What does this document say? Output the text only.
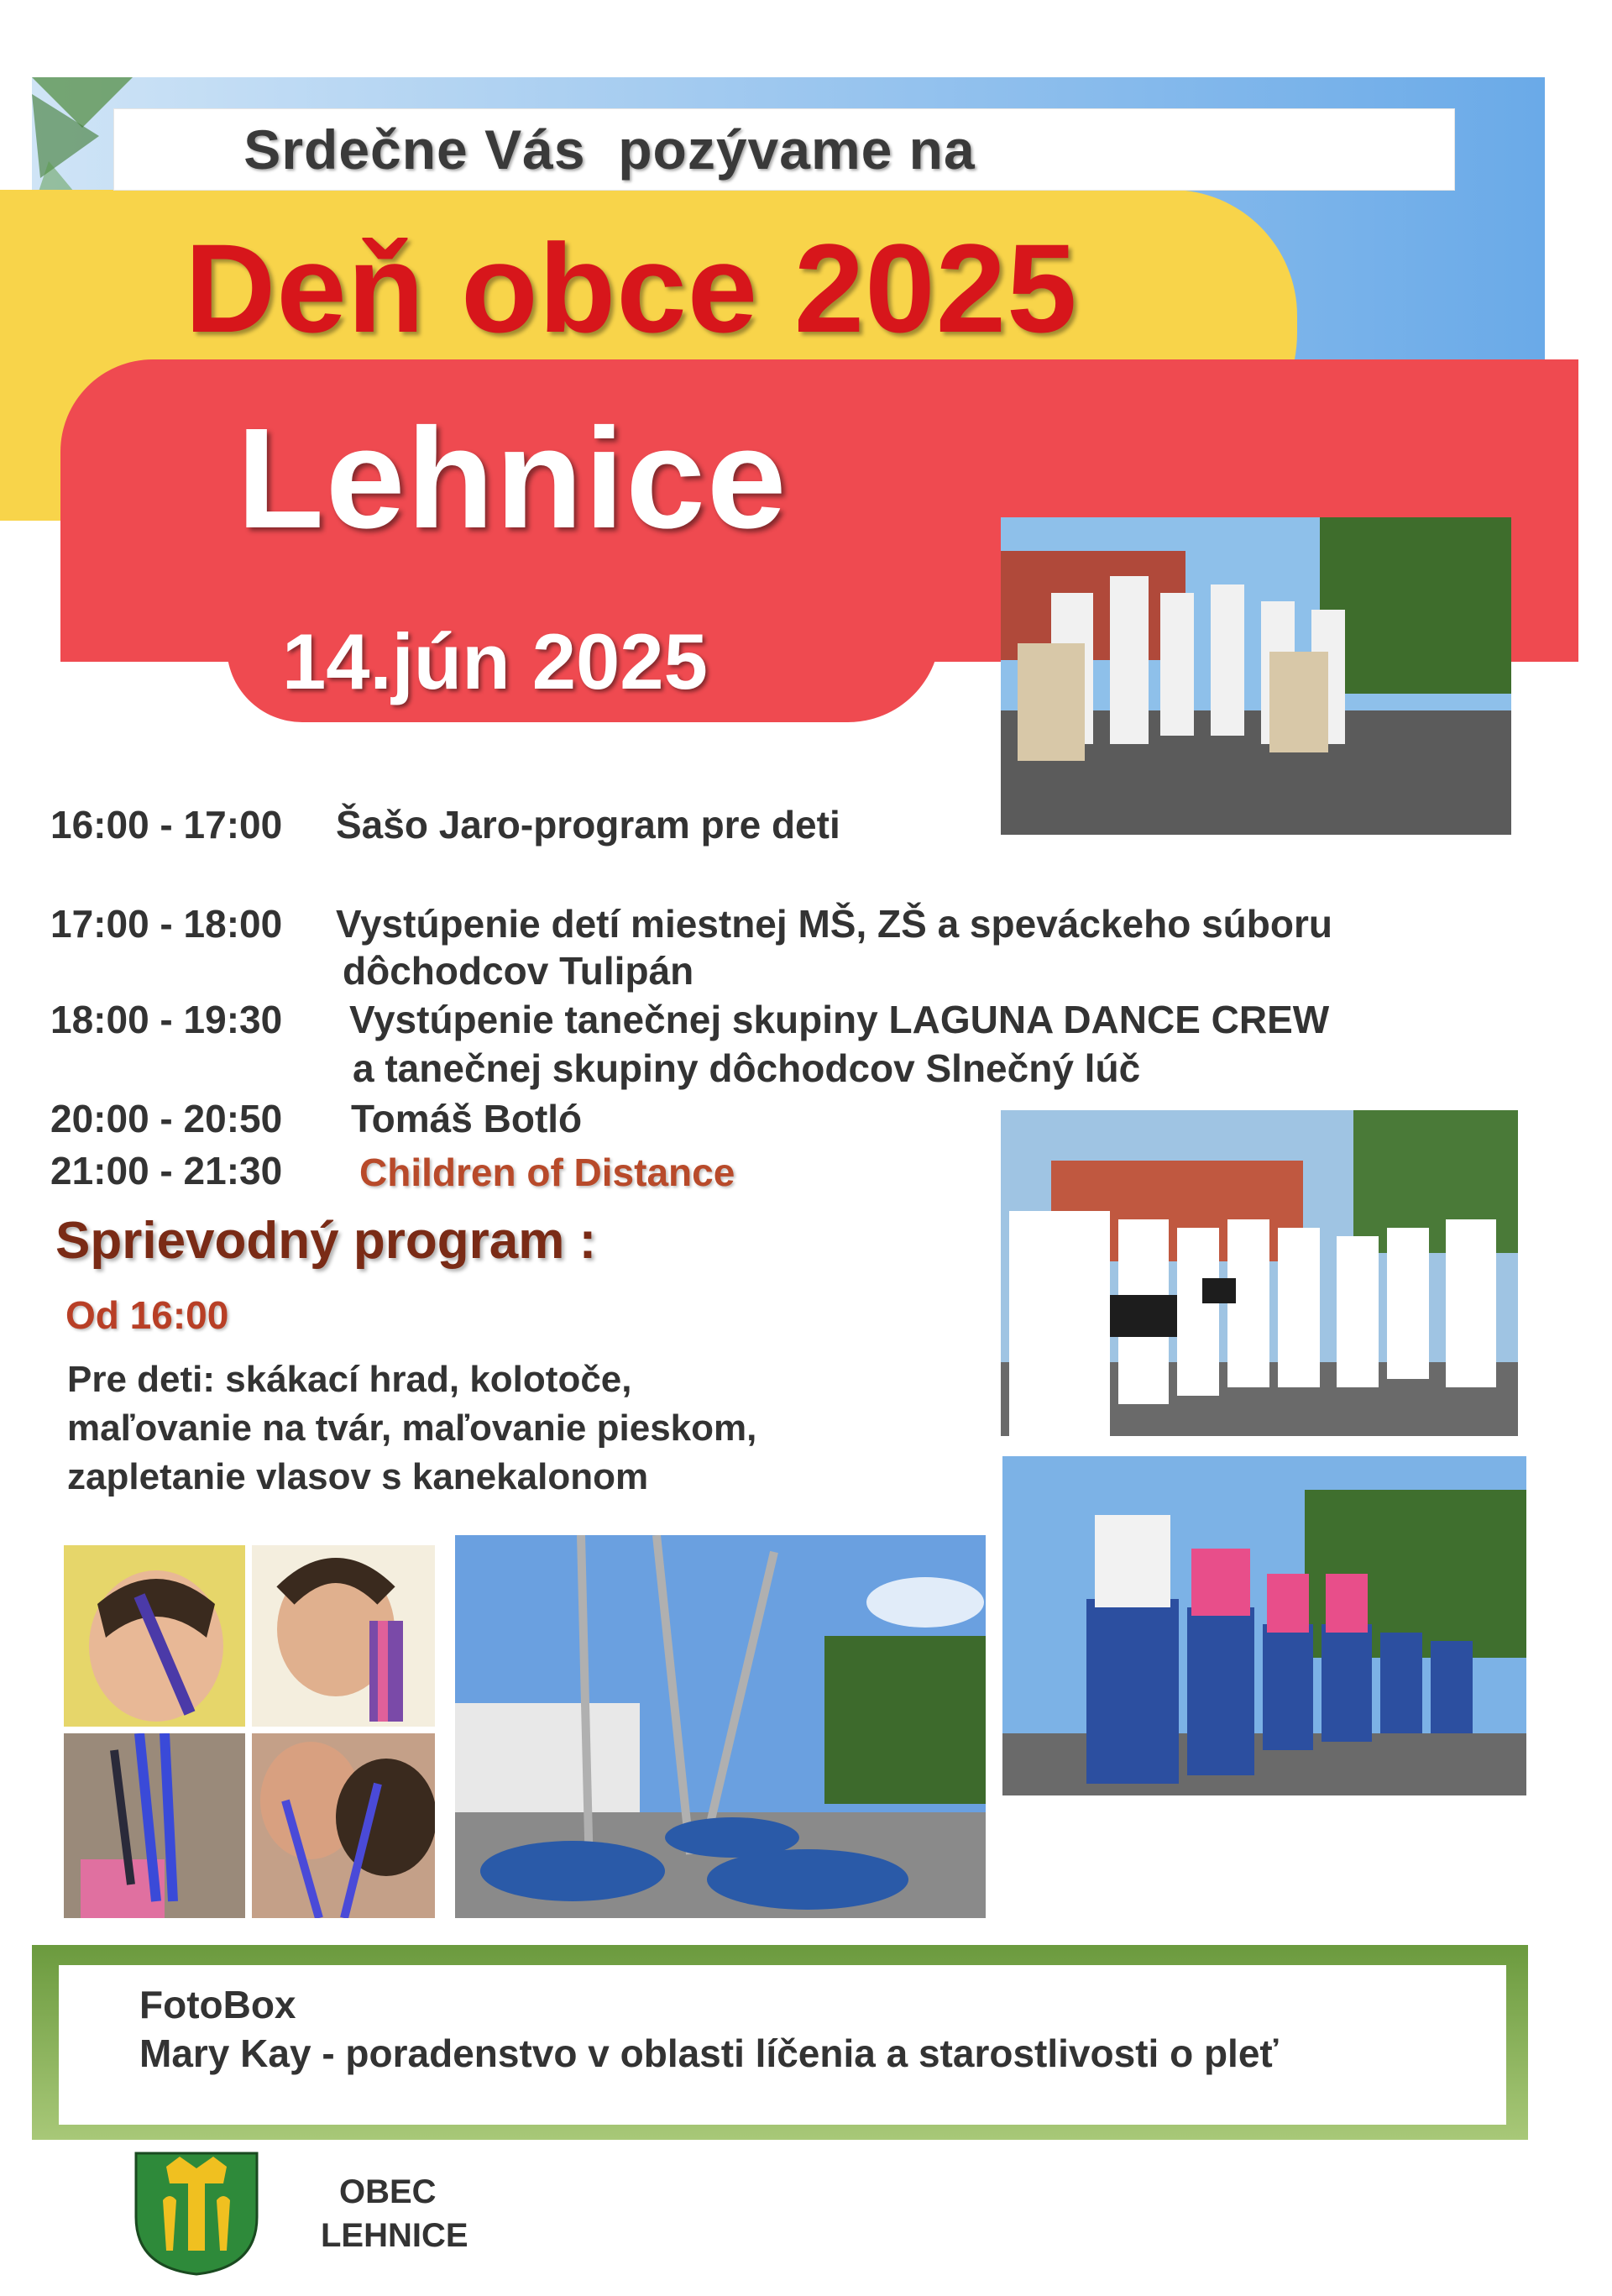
Srdečne Vás  pozývame na
Deň obce 2025
Lehnice
14.jún 2025
16:00 - 17:00 Šašo Jaro-program pre deti
17:00 - 18:00 Vystúpenie detí miestnej MŠ, ZŠ a speváckeho súboru
dôchodcov Tulipán
18:00 - 19:30 Vystúpenie tanečnej skupiny LAGUNA DANCE CREW
a tanečnej skupiny dôchodcov Slnečný lúč
20:00 - 20:50 Tomáš Botló
21:00 - 21:30 Children of Distance
Sprievodný program :
Od 16:00
Pre deti: skákací hrad, kolotoče,
maľovanie na tvár, maľovanie pieskom,
zapletanie vlasov s kanekalonom
FotoBox
Mary Kay - poradenstvo v oblasti líčenia a starostlivosti o pleť
OBEC
LEHNICE
